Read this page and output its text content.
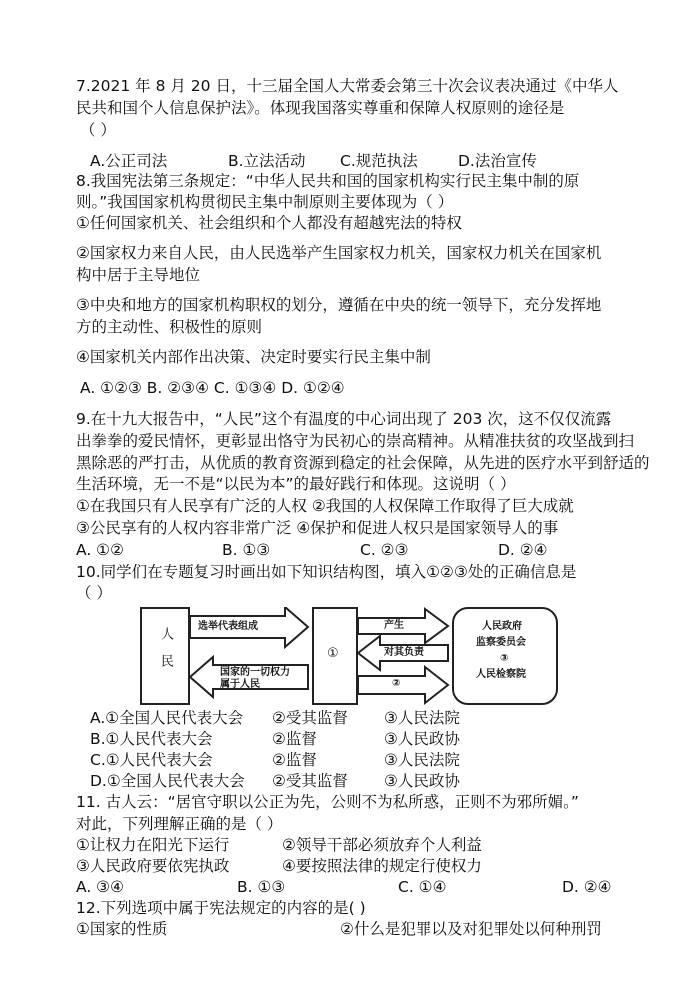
7.2021 年 8 月 20 日，十三届全国人大常委会第三十次会议表决通过《中华人
民共和国个人信息保护法》。体现我国落实尊重和保障人权原则的途径是
（ ）
A.公正司法	B.立法活动 C.规范执法	D.法治宣传
8.我国宪法第三条规定：“中华人民共和国的国家机构实行民主集中制的原
则。”我国国家机构贯彻民主集中制原则主要体现为（ ）
①任何国家机关、社会组织和个人都没有超越宪法的特权
②国家权力来自人民，由人民选举产生国家权力机关，国家权力机关在国家机
构中居于主导地位
③中央和地方的国家机构职权的划分，遵循在中央的统一领导下，充分发挥地
方的主动性、积极性的原则
④国家机关内部作出决策、决定时要实行民主集中制
A. ①②③ B. ②③④ C. ①③④ D. ①②④
9.在十九大报告中，“人民”这个有温度的中心词出现了 203 次，这不仅仅流露
出拳拳的爱民情怀，更彰显出恪守为民初心的崇高精神。从精准扶贫的攻坚战到扫
黑除恶的严打击，从优质的教育资源到稳定的社会保障，从先进的医疗水平到舒适的
生活环境，无一不是“以民为本”的最好践行和体现。这说明（ ）
①在我国只有人民享有广泛的人权 ②我国的人权保障工作取得了巨大成就
③公民享有的人权内容非常广泛 ④保护和促进人权只是国家领导人的事
A. ①②	B. ①③	C. ②③	D. ②④
10.同学们在专题复习时画出如下知识结构图，填入①②③处的正确信息是
（ ）
人民
选举代表组成
国家的一切权力
属于人民
①
产生
对其负责
②
人民政府
监察委员会
③
人民检察院
A.①全国人民代表大会 ②受其监督 ③人民法院
B.①人民代表大会	②监督	③人民政协
C.①人民代表大会	②监督	③人民法院
D.①全国人民代表大会 ②受其监督 ③人民政协
11. 古人云：“居官守职以公正为先，公则不为私所惑，正则不为邪所媚。”
对此，下列理解正确的是（ ）
①让权力在阳光下运行	②领导干部必须放弃个人利益
③人民政府要依宪执政	④要按照法律的规定行使权力
A. ③④	B. ①③	C. ①④	D. ②④
12.下列选项中属于宪法规定的内容的是( )
①国家的性质	②什么是犯罪以及对犯罪处以何种刑罚
